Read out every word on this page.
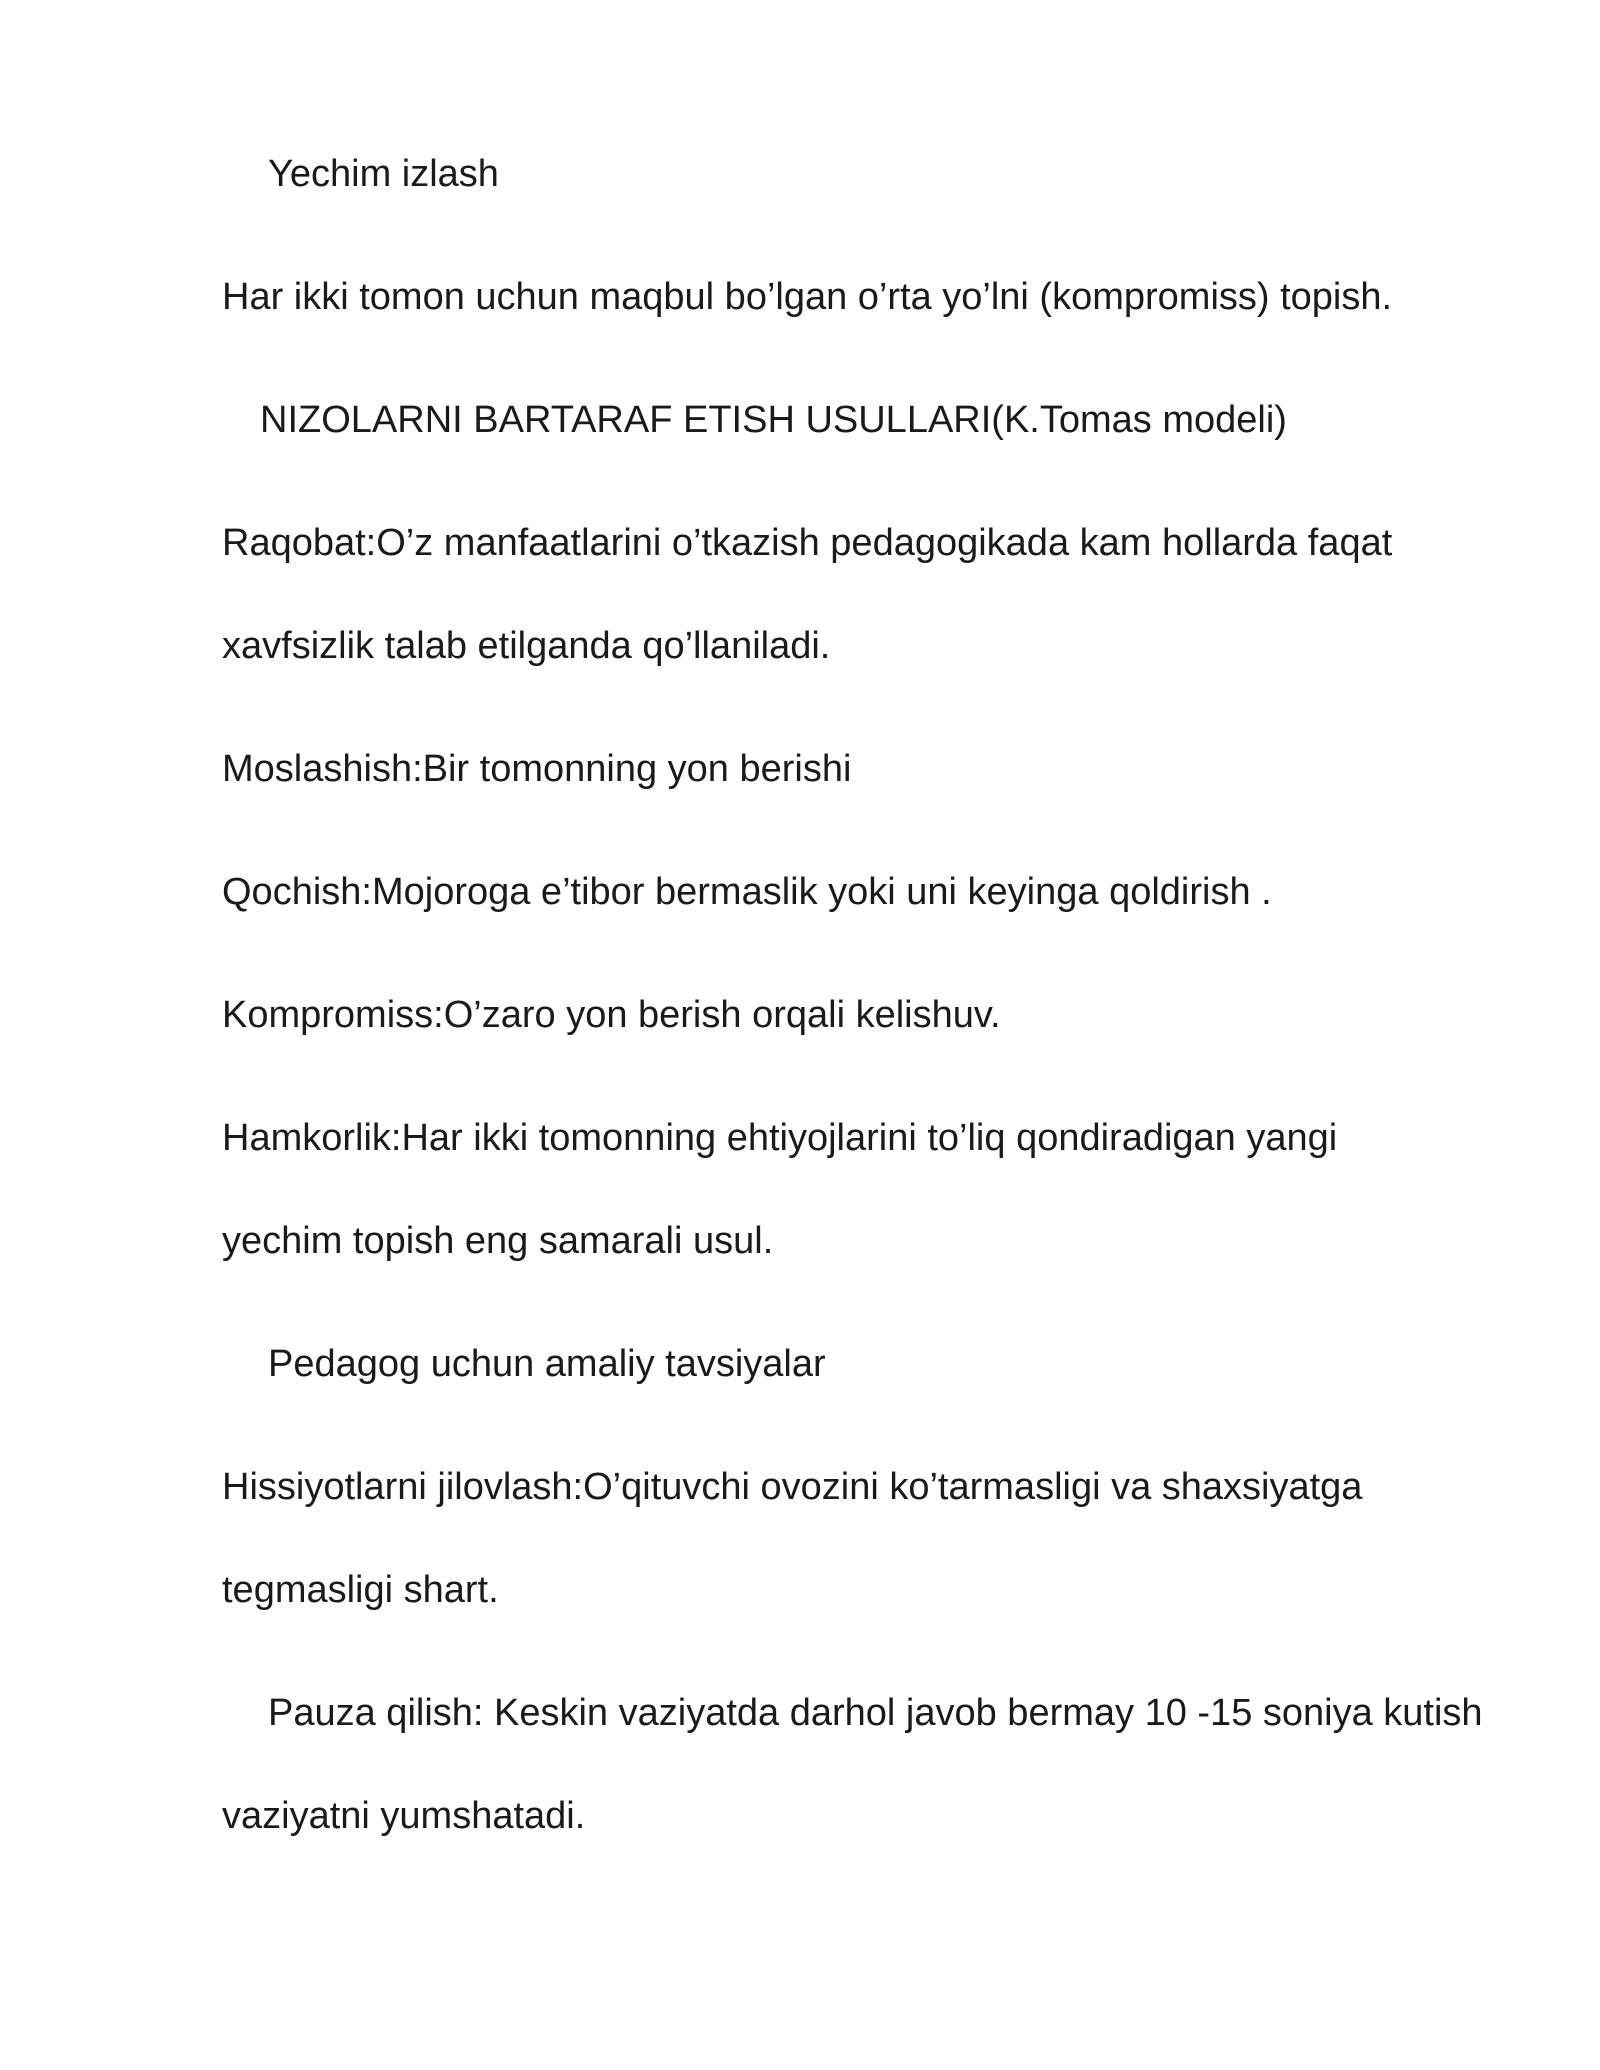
Yechim izlash
Har ikki tomon uchun maqbul bo’lgan o’rta yo’lni (kompromiss) topish.
NIZOLARNI BARTARAF ETISH USULLARI(K.Tomas modeli)
Raqobat:O’z manfaatlarini o’tkazish pedagogikada kam hollarda faqat
xavfsizlik talab etilganda qo’llaniladi.
Moslashish:Bir tomonning yon berishi
Qochish:Mojoroga e’tibor bermaslik yoki uni keyinga qoldirish .
Kompromiss:O’zaro yon berish orqali kelishuv.
Hamkorlik:Har ikki tomonning ehtiyojlarini to’liq qondiradigan yangi
yechim topish eng samarali usul.
Pedagog uchun amaliy tavsiyalar
Hissiyotlarni jilovlash:O’qituvchi ovozini ko’tarmasligi va shaxsiyatga
tegmasligi shart.
Pauza qilish: Keskin vaziyatda darhol javob bermay 10 -15 soniya kutish
vaziyatni yumshatadi.
